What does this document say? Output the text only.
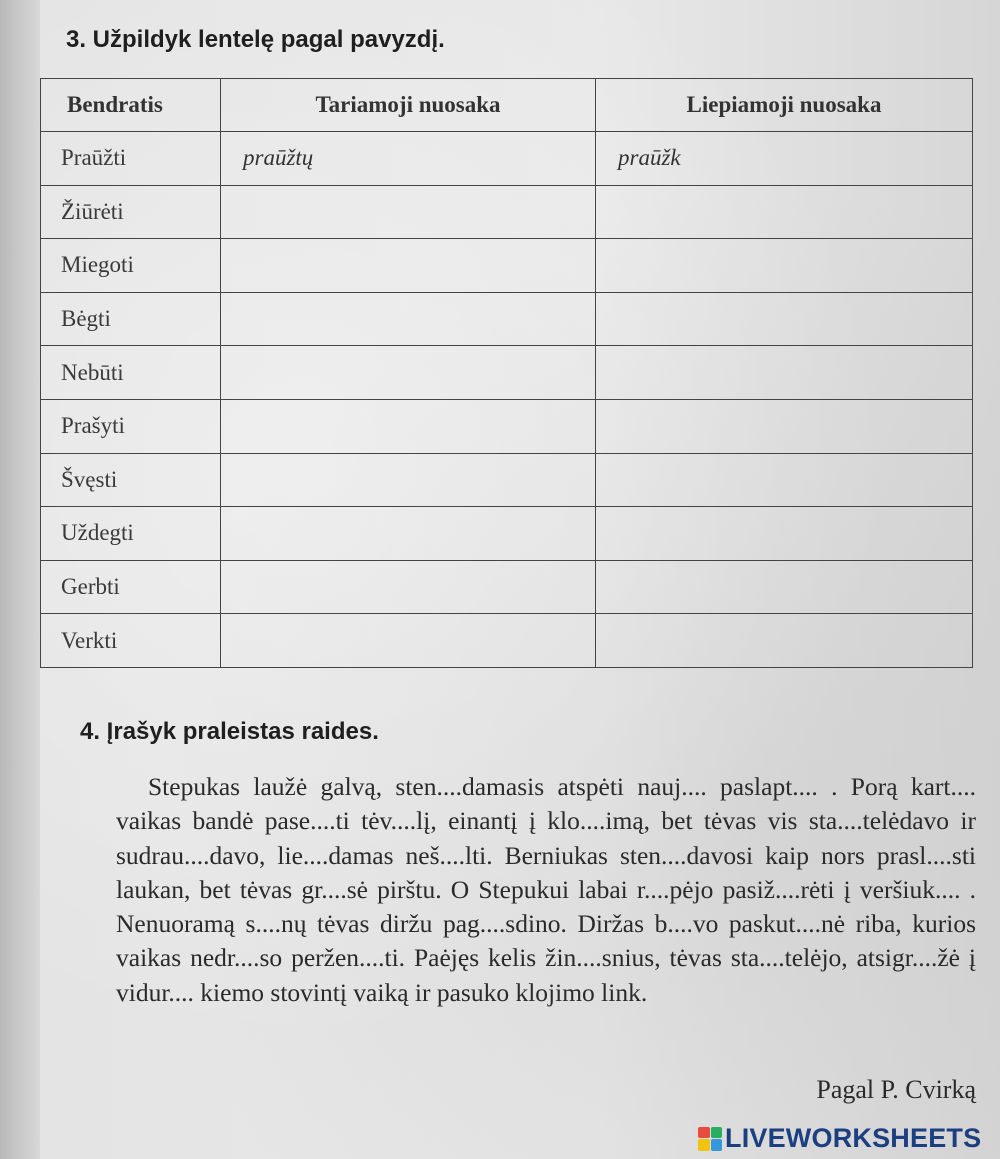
3. Užpildyk lentelę pagal pavyzdį.
Bendratis	Tariamoji nuosaka	Liepiamoji nuosaka
Praūžti	praūžtų	praūžk
Žiūrėti		
Miegoti		
Bėgti		
Nebūti		
Prašyti		
Švęsti		
Uždegti		
Gerbti		
Verkti		
4. Įrašyk praleistas raides.

Stepukas laužė galvą, sten....damasis atspėti nauj.... paslapt.... . Porą kart.... vaikas bandė pase....ti tėv....lį, einantį į klo....imą, bet tėvas vis sta....telėdavo ir sudrau....davo, lie....damas neš....lti. Berniukas sten....davosi kaip nors prasl....sti laukan, bet tėvas gr....sė pirštu. O Stepukui labai r....pėjo pasiž....rėti į veršiuk.... . Nenuoramą s....nų tėvas diržu pag....sdino. Diržas b....vo paskut....nė riba, kurios vaikas nedr....so peržen....ti. Paėjęs kelis žin....snius, tėvas sta....telėjo, atsigr....žė į vidur.... kiemo stovintį vaiką ir pasuko klojimo link.

Pagal P. Cvirką
LIVEWORKSHEETS
